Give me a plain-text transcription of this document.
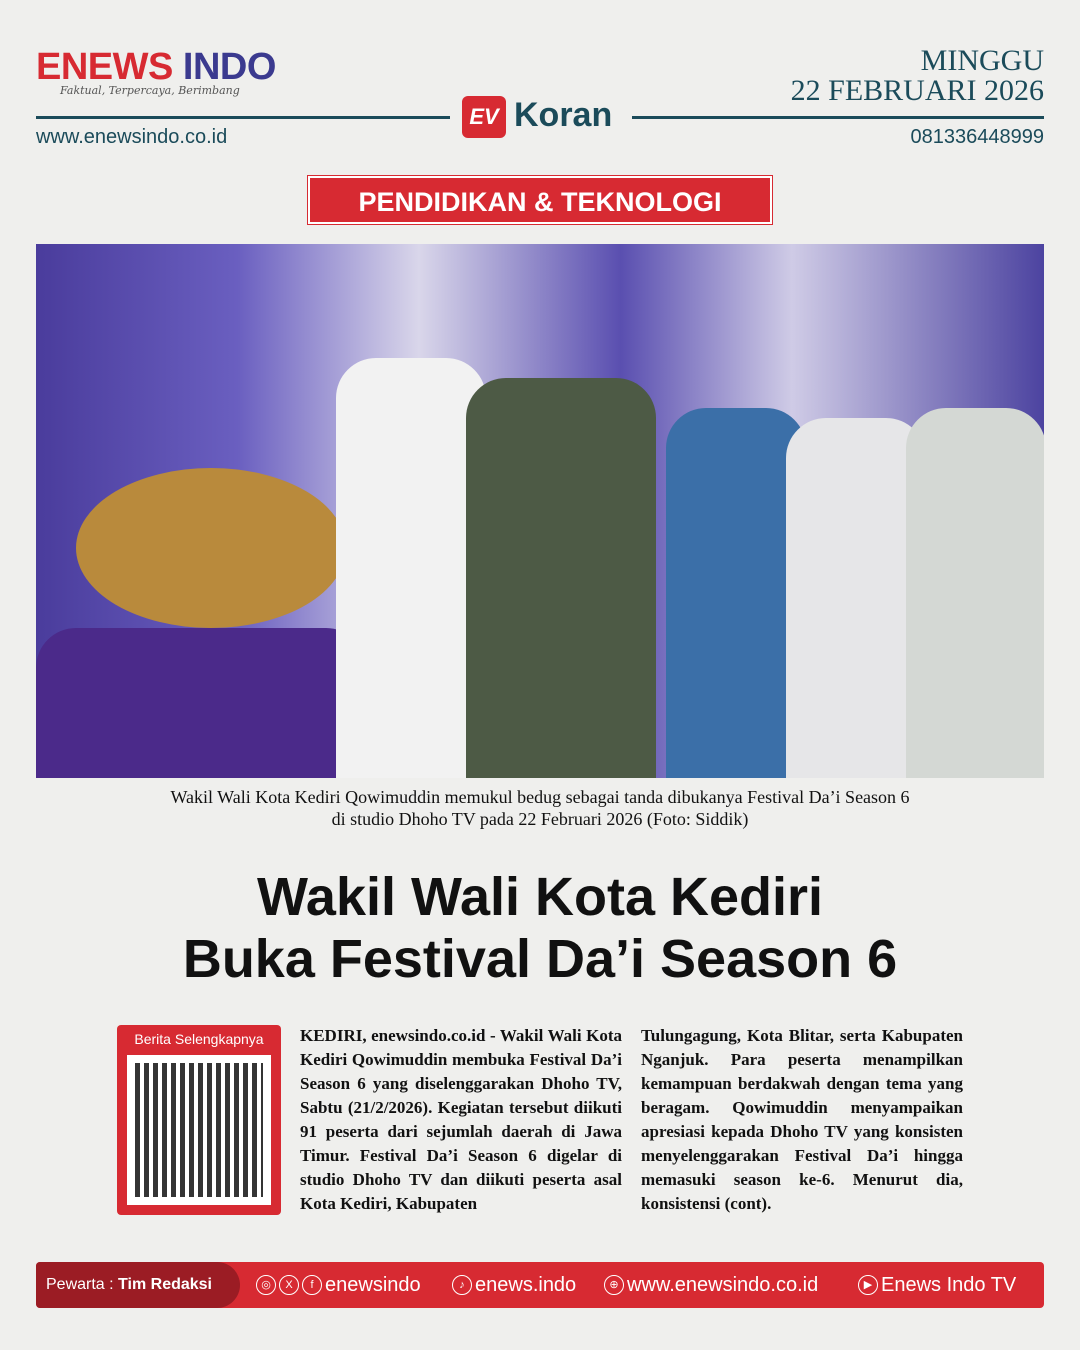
ENEWS INDO
Faktual, Terpercaya, Berimbang
MINGGU
22 FEBRUARI 2026
EV Koran
www.enewsindo.co.id	081336448999
PENDIDIKAN & TEKNOLOGI
Wakil Wali Kota Kediri Qowimuddin memukul bedug sebagai tanda dibukanya Festival Da’i Season 6
di studio Dhoho TV pada 22 Februari 2026 (Foto: Siddik)
Wakil Wali Kota Kediri
Buka Festival Da’i Season 6
Berita Selengkapnya	KEDIRI, enewsindo.co.id - Wakil Wali Kota Kediri Qowimuddin membuka Festival Da’i Season 6 yang diselenggarakan Dhoho TV, Sabtu (21/2/2026). Kegiatan tersebut diikuti 91 peserta dari sejumlah daerah di Jawa Timur. Festival Da’i Season 6 digelar di studio Dhoho TV dan diikuti peserta asal Kota Kediri, Kabupaten
Tulungagung, Kota Blitar, serta Kabupaten Nganjuk. Para peserta menampilkan kemampuan berdakwah dengan tema yang beragam. Qowimuddin menyampaikan apresiasi kepada Dhoho TV yang konsisten menyelenggarakan Festival Da’i hingga memasuki season ke-6. Menurut dia, konsistensi (cont).
Pewarta : Tim Redaksi	◎	X	f enewsindo	♪ enews.indo	⊕ www.enewsindo.co.id	▶ Enews Indo TV
